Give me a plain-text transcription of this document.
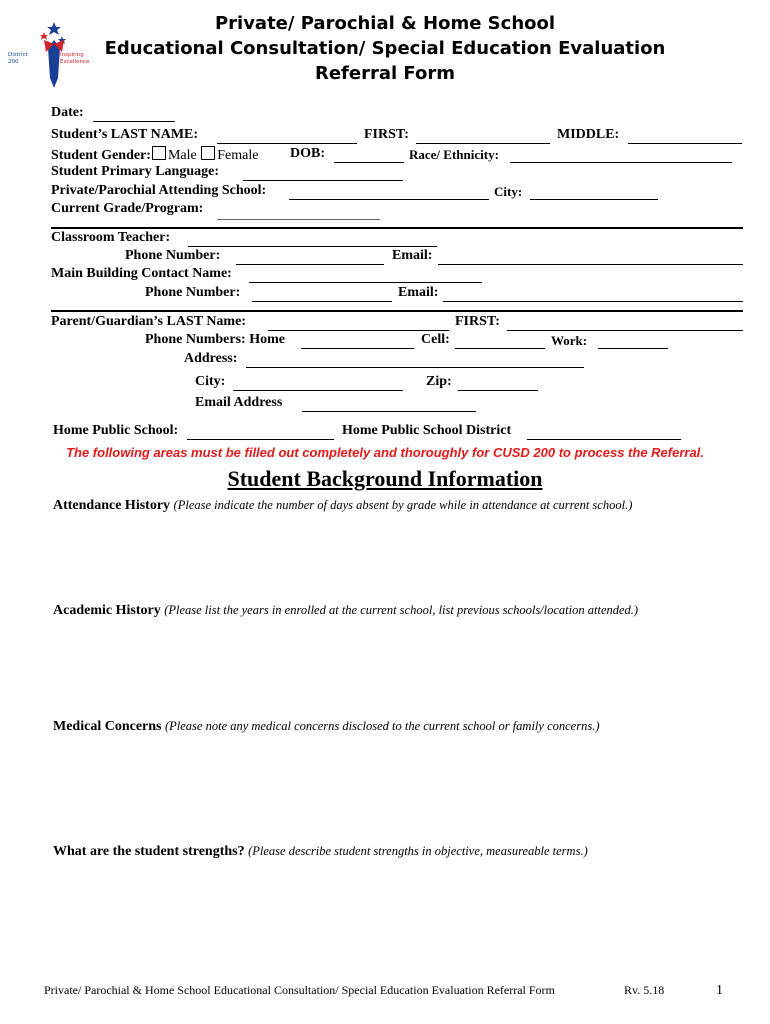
District 200
Inspiring Excellence
Private/ Parochial & Home School
Educational Consultation/ Special Education Evaluation
Referral Form
Date:
Student’s LAST NAME:	FIRST:	MIDDLE:
Student Gender: Male Female DOB:	Race/ Ethnicity:
Student Primary Language:
Private/Parochial Attending School:	City:
Current Grade/Program:
Classroom Teacher:
Phone Number:	Email:
Main Building Contact Name:
Phone Number:	Email:
Parent/Guardian’s LAST Name:	FIRST:
Phone Numbers: Home	Cell:	Work:
Address:
City:	Zip:
Email Address
Home Public School:	Home Public School District
The following areas must be filled out completely and thoroughly for CUSD 200 to process the Referral.
Student Background Information
Attendance History (Please indicate the number of days absent by grade while in attendance at current school.)
Academic History (Please list the years in enrolled at the current school, list previous schools/location attended.)
Medical Concerns (Please note any medical concerns disclosed to the current school or family concerns.)
What are the student strengths? (Please describe student strengths in objective, measureable terms.)
Private/ Parochial & Home School Educational Consultation/ Special Education Evaluation Referral Form	Rv. 5.18	1
